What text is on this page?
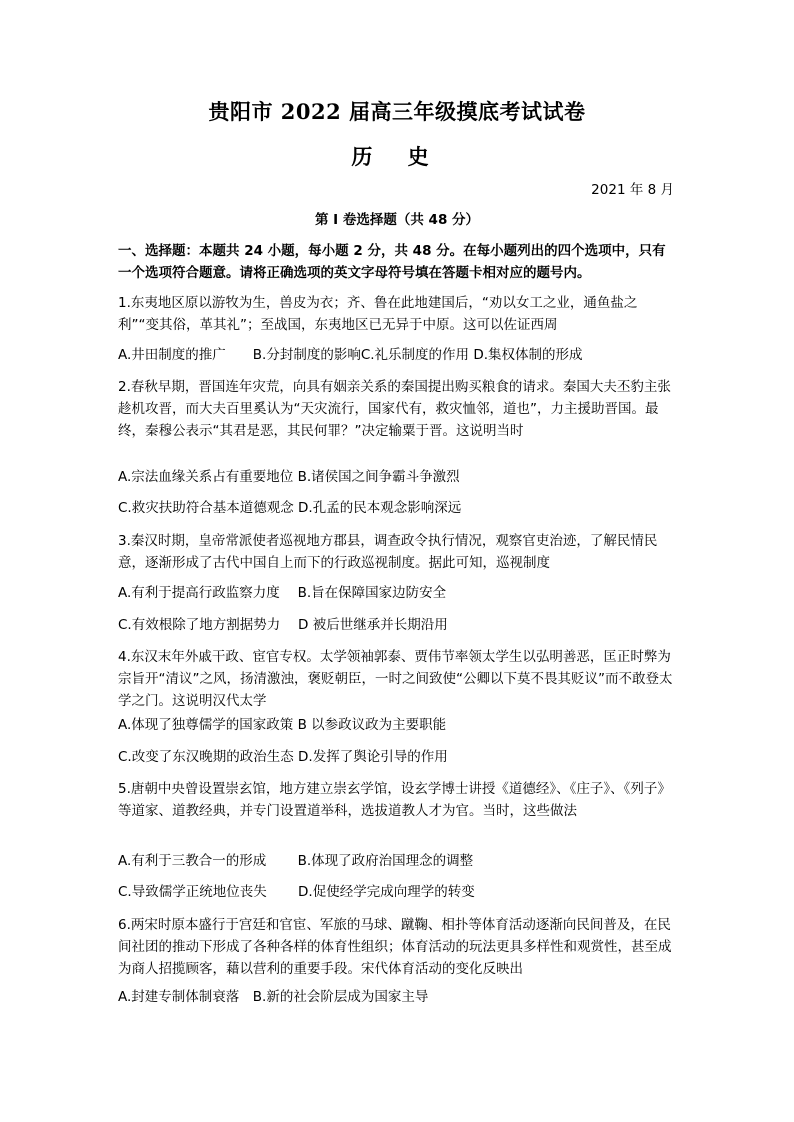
贵阳市 2022 届高三年级摸底考试试卷
历 史
2021 年 8 月
第 I 卷选择题（共 48 分）
一、选择题：本题共 24 小题，每小题 2 分，共 48 分。在每小题列出的四个选项中，只有 一个选项符合题意。请将正确选项的英文字母符号填在答题卡相对应的题号内。
1.东夷地区原以游牧为生，兽皮为衣；齐、鲁在此地建国后，“劝以女工之业，通鱼盐之利”“变其俗，革其礼”；至战国，东夷地区已无异于中原。这可以佐证西周
A.井田制度的推广　　B.分封制度的影响C.礼乐制度的作用 D.集权体制的形成
2.春秋早期，晋国连年灾荒，向具有姻亲关系的秦国提出购买粮食的请求。秦国大夫丕豹主张趁机攻晋，而大夫百里奚认为“天灾流行，国家代有，救灾恤邻，道也”，力主援助晋国。最终，秦穆公表示“其君是恶，其民何罪？”决定输粟于晋。这说明当时
A.宗法血缘关系占有重要地位 B.诸侯国之间争霸斗争激烈
C.救灾扶助符合基本道德观念 D.孔孟的民本观念影响深远
3.秦汉时期，皇帝常派使者巡视地方郡县，调查政令执行情况，观察官吏治迹，了解民情民意，逐渐形成了古代中国自上而下的行政巡视制度。据此可知，巡视制度
A.有利于提高行政监察力度　 B.旨在保障国家边防安全
C.有效根除了地方割据势力　 D 被后世继承并长期沿用
4.东汉末年外戚干政、宦官专权。太学领袖郭泰、贾伟节率领太学生以弘明善恶，匡正时弊为宗旨开“清议”之风，扬清激浊，褒贬朝臣，一时之间致使“公卿以下莫不畏其贬议”而不敢登太学之门。这说明汉代太学
A.体现了独尊儒学的国家政策 B 以参政议政为主要职能
C.改变了东汉晚期的政治生态 D.发挥了舆论引导的作用
5.唐朝中央曾设置崇玄馆，地方建立崇玄学馆，设玄学博士讲授《道德经》、《庄子》、《列子》等道家、道教经典，并专门设置道举科，选拔道教人才为官。当时，这些做法
A.有利于三教合一的形成　　 B.体现了政府治国理念的调整
C.导致儒学正统地位丧失　　 D.促使经学完成向理学的转变
6.两宋时原本盛行于宫廷和官宦、军旅的马球、蹴鞠、相扑等体育活动逐渐向民间普及，在民间社团的推动下形成了各种各样的体育性组织；体育活动的玩法更具多样性和观赏性，甚至成为商人招揽顾客，藉以营利的重要手段。宋代体育活动的变化反映出
A.封建专制体制衰落　B.新的社会阶层成为国家主导
